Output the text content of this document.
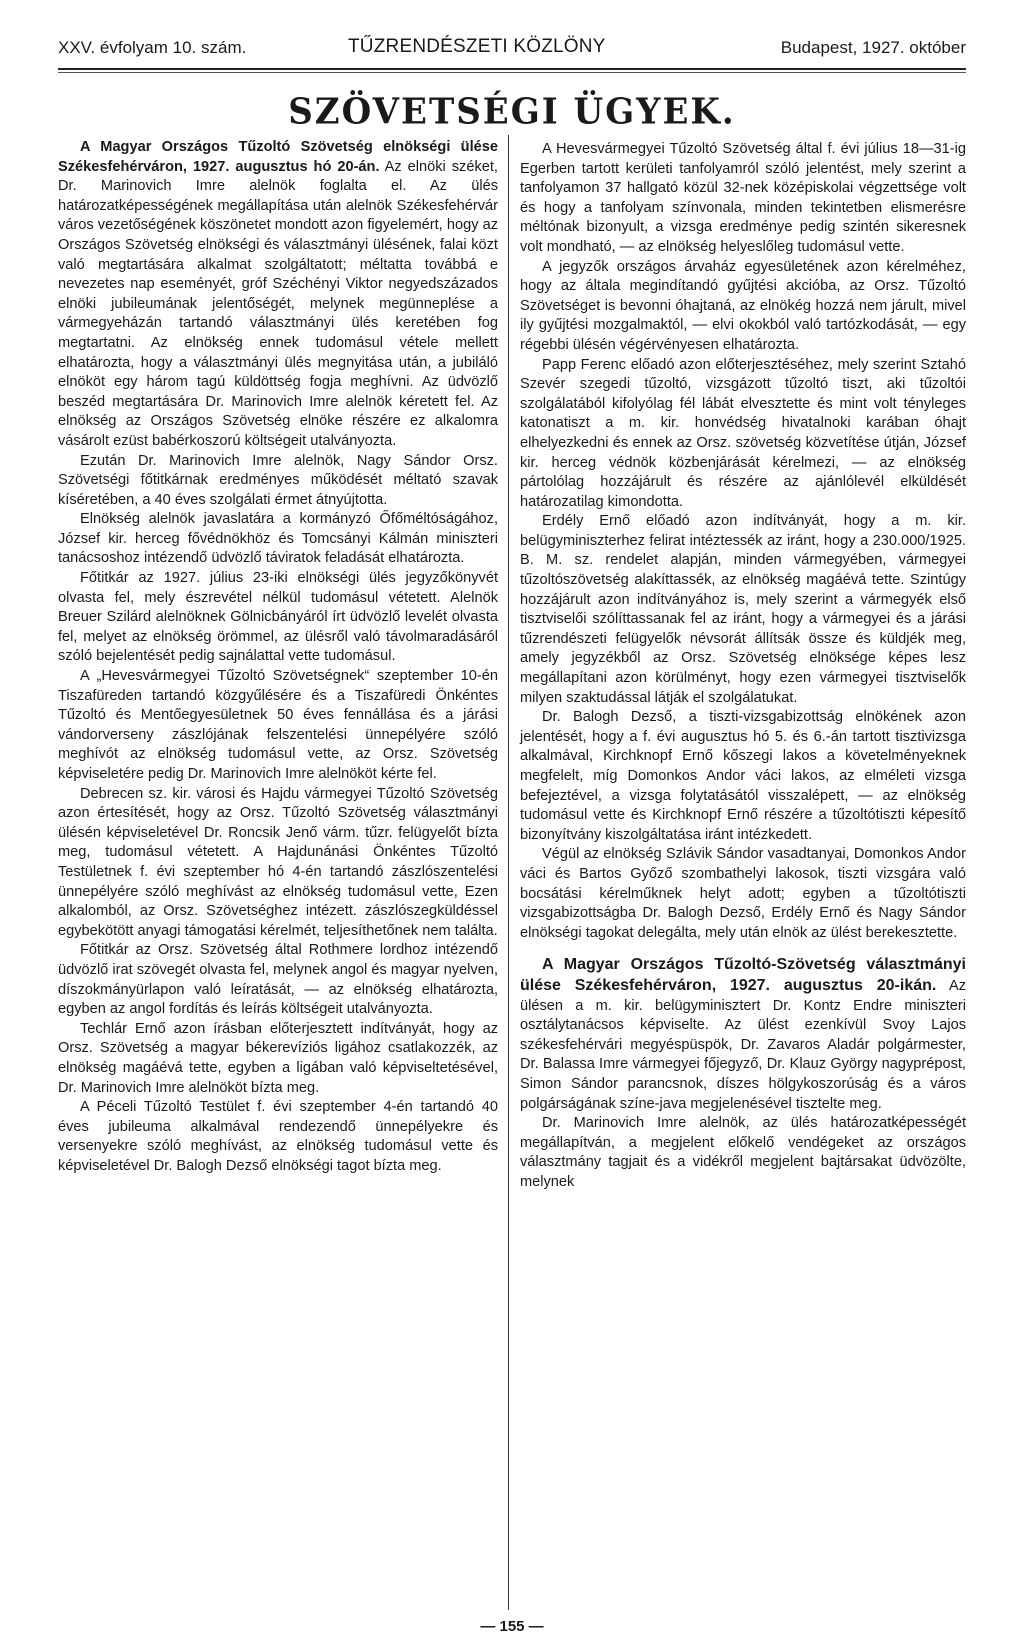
XXV. évfolyam 10. szám.	TŰZRENDÉSZETI KÖZLÖNY	Budapest, 1927. október
SZÖVETSÉGI ÜGYEK.

A Magyar Országos Tűzoltó Szövetség elnökségi ülése Székesfehérváron, 1927. augusztus hó 20-án. Az elnöki széket, Dr. Marinovich Imre alelnök foglalta el. Az ülés határozatképességének megállapítása után alelnök Székesfehérvár város vezetőségének köszönetet mondott azon figyelemért, hogy az Országos Szövetség elnökségi és választmányi ülésének, falai közt való megtartására alkalmat szolgáltatott; méltatta továbbá e nevezetes nap eseményét, gróf Széchényi Viktor negyedszázados elnöki jubileumának jelentőségét, melynek megünneplése a vármegyeházán tartandó választmányi ülés keretében fog megtartatni. Az elnökség ennek tudomásul vétele mellett elhatározta, hogy a választmányi ülés megnyitása után, a jubiláló elnököt egy három tagú küldöttség fogja meghívni. Az üdvözlő beszéd megtartására Dr. Marinovich Imre alelnök kéretett fel. Az elnökség az Országos Szövetség elnöke részére ez alkalomra vásárolt ezüst babérkoszorú költségeit utalványozta.

Ezután Dr. Marinovich Imre alelnök, Nagy Sándor Orsz. Szövetségi főtitkárnak eredményes működését méltató szavak kíséretében, a 40 éves szolgálati érmet átnyújtotta.

Elnökség alelnök javaslatára a kormányzó Őfőméltóságához, József kir. herceg fővédnökhöz és Tomcsányi Kálmán miniszteri tanácsoshoz intézendő üdvözlő táviratok feladását elhatározta.

Főtitkár az 1927. július 23-iki elnökségi ülés jegyzőkönyvét olvasta fel, mely észrevétel nélkül tudomásul vétetett. Alelnök Breuer Szilárd alelnöknek Gölnicbányáról írt üdvözlő levelét olvasta fel, melyet az elnökség örömmel, az ülésről való távolmaradásáról szóló bejelentését pedig sajnálattal vette tudomásul.

A „Hevesvármegyei Tűzoltó Szövetségnek“ szeptember 10-én Tiszafüreden tartandó közgyűlésére és a Tiszafüredi Önkéntes Tűzoltó és Mentőegyesületnek 50 éves fennállása és a járási vándorverseny zászlójának felszentelési ünnepélyére szóló meghívót az elnökség tudomásul vette, az Orsz. Szövetség képviseletére pedig Dr. Marinovich Imre alelnököt kérte fel.

Debrecen sz. kir. városi és Hajdu vármegyei Tűzoltó Szövetség azon értesítését, hogy az Orsz. Tűzoltó Szövetség választmányi ülésén képviseletével Dr. Roncsik Jenő várm. tűzr. felügyelőt bízta meg, tudomásul vétetett. A Hajdunánási Önkéntes Tűzoltó Testületnek f. évi szeptember hó 4-én tartandó zászlószentelési ünnepélyére szóló meghívást az elnökség tudomásul vette, Ezen alkalomból, az Orsz. Szövetséghez intézett. zászlószegküldéssel egybekötött anyagi támogatási kérelmét, teljesíthetőnek nem találta.

Főtitkár az Orsz. Szövetség által Rothmere lordhoz intézendő üdvözlő irat szövegét olvasta fel, melynek angol és magyar nyelven, díszokmányürlapon való leíratását, — az elnökség elhatározta, egyben az angol fordítás és leírás költségeit utalványozta.

Techlár Ernő azon írásban előterjesztett indítványát, hogy az Orsz. Szövetség a magyar békerevíziós ligához csatlakozzék, az elnökség magáévá tette, egyben a ligában való képviseltetésével, Dr. Marinovich Imre alelnököt bízta meg.

A Péceli Tűzoltó Testület f. évi szeptember 4-én tartandó 40 éves jubileuma alkalmával rendezendő ünnepélyekre és versenyekre szóló meghívást, az elnökség tudomásul vette és képviseletével Dr. Balogh Dezső elnökségi tagot bízta meg.

A Hevesvármegyei Tűzoltó Szövetség által f. évi július 18—31-ig Egerben tartott kerületi tanfolyamról szóló jelentést, mely szerint a tanfolyamon 37 hallgató közül 32-nek középiskolai végzettsége volt és hogy a tanfolyam színvonala, minden tekintetben elismerésre méltónak bizonyult, a vizsga eredménye pedig szintén sikeresnek volt mondható, — az elnökség helyeslőleg tudomásul vette.

A jegyzők országos árvaház egyesületének azon kérelméhez, hogy az általa megindítandó gyűjtési akcióba, az Orsz. Tűzoltó Szövetséget is bevonni óhajtaná, az elnökég hozzá nem járult, mivel ily gyűjtési mozgalmaktól, — elvi okokból való tartózkodását, — egy régebbi ülésén végérvényesen elhatározta.

Papp Ferenc előadó azon előterjesztéséhez, mely szerint Sztahó Szevér szegedi tűzoltó, vizsgázott tűzoltó tiszt, aki tűzoltói szolgálatából kifolyólag fél lábát elvesztette és mint volt tényleges katonatiszt a m. kir. honvédség hivatalnoki karában óhajt elhelyezkedni és ennek az Orsz. szövetség közvetítése útján, József kir. herceg védnök közbenjárását kérelmezi, — az elnökség pártolólag hozzájárult és részére az ajánlólevél elküldését határozatilag kimondotta.

Erdély Ernő előadó azon indítványát, hogy a m. kir. belügyminiszterhez felirat intéztessék az iránt, hogy a 230.000/1925. B. M. sz. rendelet alapján, minden vármegyében, vármegyei tűzoltószövetség alakíttassék, az elnökség magáévá tette. Szintúgy hozzájárult azon indítványához is, mely szerint a vármegyék első tisztviselői szólíttassanak fel az iránt, hogy a vármegyei és a járási tűzrendészeti felügyelők névsorát állítsák össze és küldjék meg, amely jegyzékből az Orsz. Szövetség elnöksége képes lesz megállapítani azon körülményt, hogy ezen vármegyei tisztviselők milyen szaktudással látják el szolgálatukat.

Dr. Balogh Dezső, a tiszti-vizsgabizottság elnökének azon jelentését, hogy a f. évi augusztus hó 5. és 6.-án tartott tisztivizsga alkalmával, Kirchknopf Ernő kőszegi lakos a követelményeknek megfelelt, míg Domonkos Andor váci lakos, az elméleti vizsga befejeztével, a vizsga folytatásától visszalépett, — az elnökség tudomásul vette és Kirchknopf Ernő részére a tűzoltótiszti képesítő bizonyítvány kiszolgáltatása iránt intézkedett.

Végül az elnökség Szlávik Sándor vasadtanyai, Domonkos Andor váci és Bartos Győző szombathelyi lakosok, tiszti vizsgára való bocsátási kérelműknek helyt adott; egyben a tűzoltótiszti vizsgabizottságba Dr. Balogh Dezső, Erdély Ernő és Nagy Sándor elnökségi tagokat delegálta, mely után elnök az ülést berekesztette.

A Magyar Országos Tűzoltó-Szövetség választmányi ülése Székesfehérváron, 1927. augusztus 20-ikán. Az ülésen a m. kir. belügyminisztert Dr. Kontz Endre miniszteri osztálytanácsos képviselte. Az ülést ezenkívül Svoy Lajos székesfehérvári megyéspüspök, Dr. Zavaros Aladár polgármester, Dr. Balassa Imre vármegyei főjegyző, Dr. Klauz György nagyprépost, Simon Sándor parancsnok, díszes hölgykoszorúság és a város polgárságának színe-java megjelenésével tisztelte meg.

Dr. Marinovich Imre alelnök, az ülés határozatképességét megállapítván, a megjelent előkelő vendégeket az országos választmány tagjait és a vidékről megjelent bajtársakat üdvözölte, melynek

— 155 —
